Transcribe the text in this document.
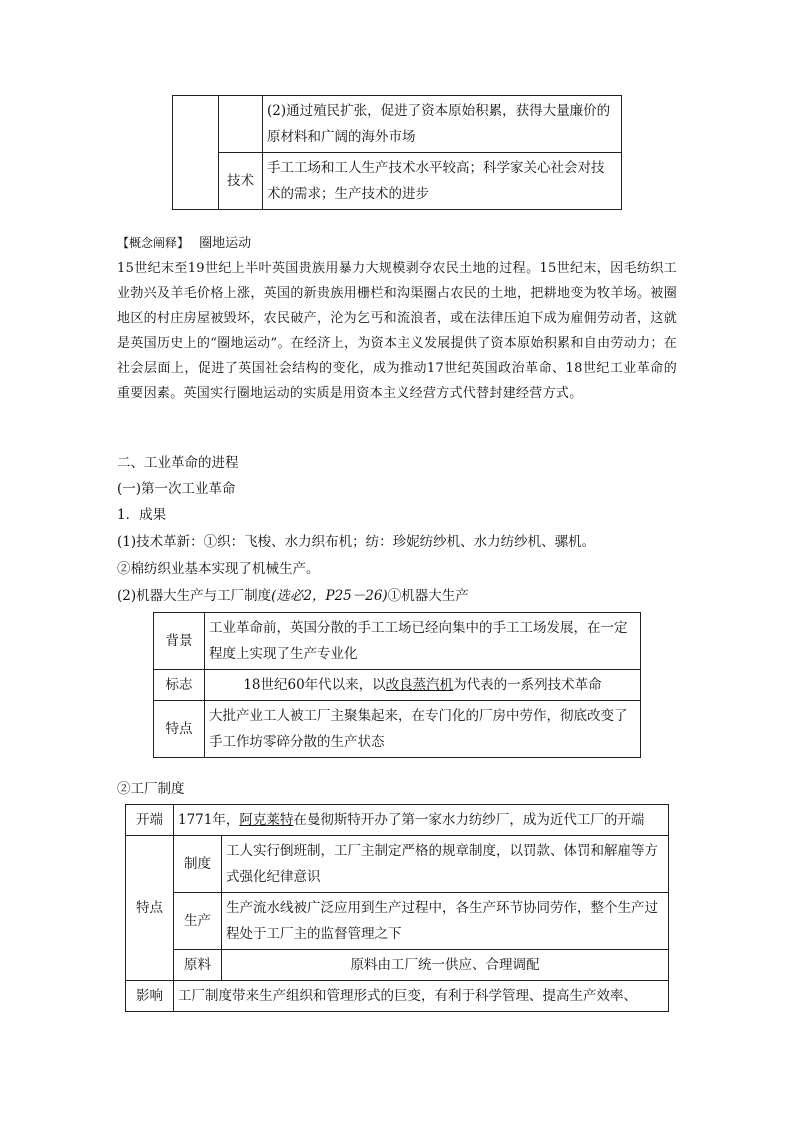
		(2)通过殖民扩张，促进了资本原始积累，获得大量廉价的原材料和广阔的海外市场
	技术	手工工场和工人生产技术水平较高；科学家关心社会对技术的需求；生产技术的进步
【概念阐释】 圈地运动
15世纪末至19世纪上半叶英国贵族用暴力大规模剥夺农民土地的过程。15世纪末，因毛纺织工业勃兴及羊毛价格上涨，英国的新贵族用栅栏和沟渠圈占农民的土地，把耕地变为牧羊场。被圈地区的村庄房屋被毁坏，农民破产，沦为乞丐和流浪者，或在法律压迫下成为雇佣劳动者，这就是英国历史上的“圈地运动”。在经济上，为资本主义发展提供了资本原始积累和自由劳动力；在社会层面上，促进了英国社会结构的变化，成为推动17世纪英国政治革命、18世纪工业革命的重要因素。英国实行圈地运动的实质是用资本主义经营方式代替封建经营方式。
二、工业革命的进程
(一)第一次工业革命
1．成果
(1)技术革新：①织：飞梭、水力织布机；纺：珍妮纺纱机、水力纺纱机、骡机。
②棉纺织业基本实现了机械生产。
(2)机器大生产与工厂制度(选必2，P25－26)①机器大生产
背景	工业革命前，英国分散的手工工场已经向集中的手工工场发展，在一定程度上实现了生产专业化
标志	18世纪60年代以来，以改良蒸汽机为代表的一系列技术革命
特点	大批产业工人被工厂主聚集起来，在专门化的厂房中劳作，彻底改变了手工作坊零碎分散的生产状态
②工厂制度
开端	1771年，阿克莱特在曼彻斯特开办了第一家水力纺纱厂，成为近代工厂的开端	
特点	制度	工人实行倒班制，工厂主制定严格的规章制度，以罚款、体罚和解雇等方式强化纪律意识
	生产	生产流水线被广泛应用到生产过程中，各生产环节协同劳作，整个生产过程处于工厂主的监督管理之下
	原料	原料由工厂统一供应、合理调配
影响	工厂制度带来生产组织和管理形式的巨变，有利于科学管理、提高生产效率、	
